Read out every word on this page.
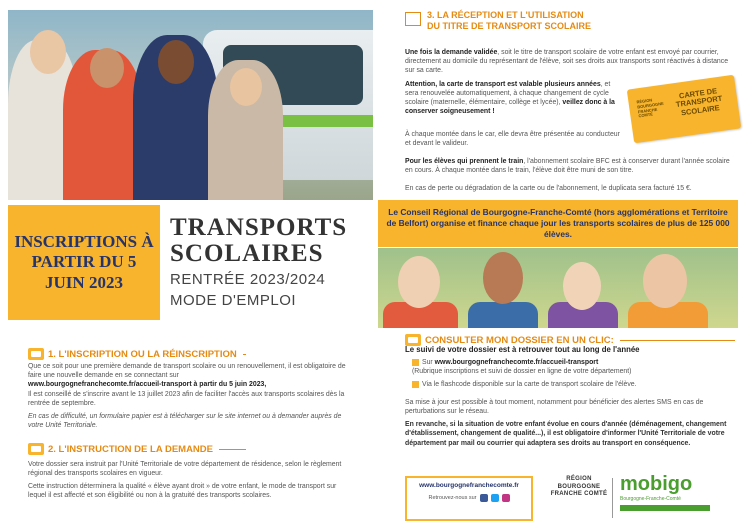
INSCRIPTIONS À PARTIR DU 5 JUIN 2023
TRANSPORTS
SCOLAIRES
RENTRÉE 2023/2024
MODE D'EMPLOI
1. L'INSCRIPTION OU LA RÉINSCRIPTION
Que ce soit pour une première demande de transport scolaire ou un renouvellement, il est obligatoire de faire une nouvelle demande en se connectant sur
www.bourgognefranchecomte.fr/accueil-transport à partir du 5 juin 2023,
Il est conseillé de s'inscrire avant le 13 juillet 2023 afin de faciliter l'accès aux transports scolaires dès la rentrée de septembre.
En cas de difficulté, un formulaire papier est à télécharger sur le site internet ou à demander auprès de votre Unité Territoriale.
2. L'INSTRUCTION DE LA DEMANDE
Votre dossier sera instruit par l'Unité Territoriale de votre département de résidence, selon le règlement régional des transports scolaires en vigueur.
Cette instruction déterminera la qualité « élève ayant droit » de votre enfant, le mode de transport sur lequel il est affecté et son éligibilité ou non à la gratuité des transports scolaires.
3. LA RÉCEPTION ET L'UTILISATION
DU TITRE DE TRANSPORT SCOLAIRE
Une fois la demande validée, soit le titre de transport scolaire de votre enfant est envoyé par courrier, directement au domicile du représentant de l'élève, soit ses droits aux transports sont réactivés à distance sur sa carte.
Attention, la carte de transport est valable plusieurs années, et sera renouvelée automatiquement, à chaque changement de cycle scolaire (maternelle, élémentaire, collège et lycée), veillez donc à la conserver soigneusement !
RÉGION BOURGOGNE FRANCHE COMTÉ
CARTE DE TRANSPORT SCOLAIRE
À chaque montée dans le car, elle devra être présentée au conducteur et devant le valideur.
Pour les élèves qui prennent le train, l'abonnement scolaire BFC est à conserver durant l'année scolaire en cours. À chaque montée dans le train, l'élève doit être muni de son titre.
En cas de perte ou dégradation de la carte ou de l'abonnement, le duplicata sera facturé 15 €.
Le Conseil Régional de Bourgogne-Franche-Comté (hors agglomérations et Territoire de Belfort) organise et finance chaque jour les transports scolaires de plus de 125 000 élèves.
CONSULTER MON DOSSIER EN UN CLIC:
Le suivi de votre dossier est à retrouver tout au long de l'année
Sur www.bourgognefranchecomte.fr/accueil-transport
(Rubrique inscriptions et suivi de dossier en ligne de votre département)
Via le flashcode disponible sur la carte de transport scolaire de l'élève.
Sa mise à jour est possible à tout moment, notamment pour bénéficier des alertes SMS en cas de perturbations sur le réseau.
En revanche, si la situation de votre enfant évolue en cours d'année (déménagement, changement d'établissement, changement de qualité...), il est obligatoire d'informer l'Unité Territoriale de votre département par mail ou courrier qui adaptera ses droits au transport en conséquence.
www.bourgognefranchecomte.fr
Retrouvez-nous sur
RÉGION BOURGOGNE FRANCHE COMTÉ mobigo
Bourgogne-Franche-Comté
